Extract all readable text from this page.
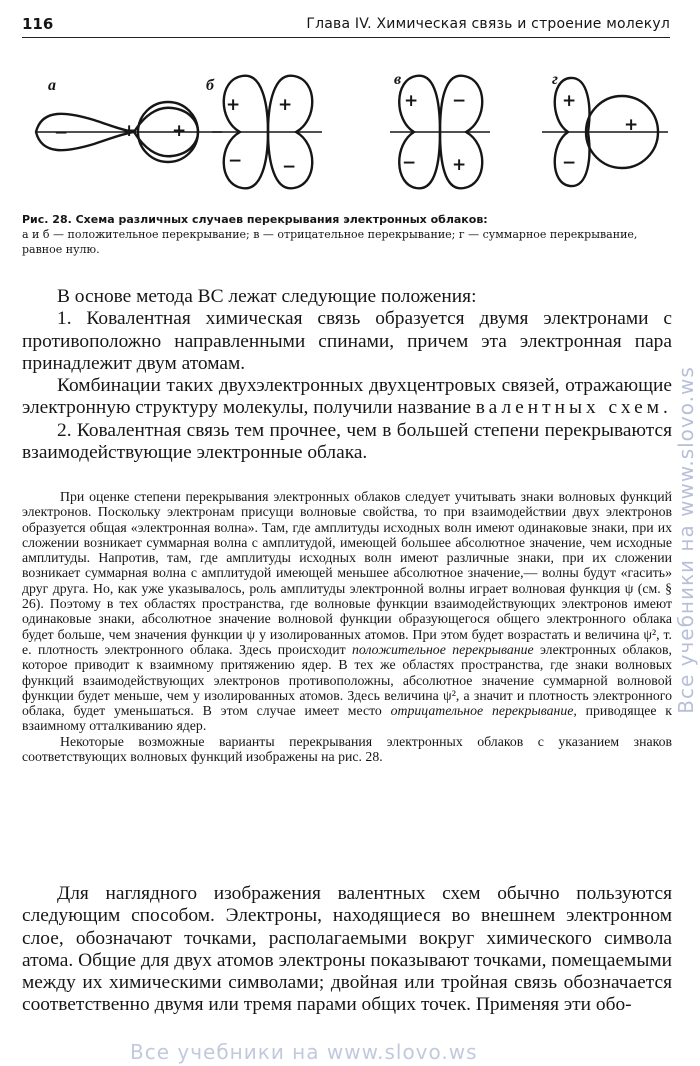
116	Глава IV. Химическая связь и строение молекул
а	б	в	г
−	+ +
+ +
− −
+ −
− +
+
+
−
Рис. 28. Схема различных случаев перекрывания электронных облаков:
а и б — положительное перекрывание; в — отрицательное перекрывание; г — суммарное перекрывание, равное нулю.

В основе метода ВС лежат следующие положения:

1. Ковалентная химическая связь образуется двумя электронами с противоположно направленными спинами, причем эта электронная пара принадлежит двум атомам.

Комбинации таких двухэлектронных двухцентровых связей, отражающие электронную структуру молекулы, получили название валентных схем.

2. Ковалентная связь тем прочнее, чем в большей степени перекрываются взаимодействующие электронные облака.

При оценке степени перекрывания электронных облаков следует учитывать знаки волновых функций электронов. Поскольку электронам присущи волновые свойства, то при взаимодействии двух электронов образуется общая «электронная волна». Там, где амплитуды исходных волн имеют одинаковые знаки, при их сложении возникает суммарная волна с амплитудой, имеющей большее абсолютное значение, чем исходные амплитуды. Напротив, там, где амплитуды исходных волн имеют различные знаки, при их сложении возникает суммарная волна с амплитудой имеющей меньшее абсолютное значение,— волны будут «гасить» друг друга. Но, как уже указывалось, роль амплитуды электронной волны играет волновая функция ψ (см. § 26). Поэтому в тех областях пространства, где волновые функции взаимодействующих электронов имеют одинаковые знаки, абсолютное значение волновой функции образующегося общего электронного облака будет больше, чем значения функции ψ у изолированных атомов. При этом будет возрастать и величина ψ², т. е. плотность электронного облака. Здесь происходит положительное перекрывание электронных облаков, которое приводит к взаимному притяжению ядер. В тех же областях пространства, где знаки волновых функций взаимодействующих электронов противоположны, абсолютное значение суммарной волновой функции будет меньше, чем у изолированных атомов. Здесь величина ψ², а значит и плотность электронного облака, будет уменьшаться. В этом случае имеет место отрицательное перекрывание, приводящее к взаимному отталкиванию ядер.

Некоторые возможные варианты перекрывания электронных облаков с указанием знаков соответствующих волновых функций изображены на рис. 28.

Для наглядного изображения валентных схем обычно пользуются следующим способом. Электроны, находящиеся во внешнем электронном слое, обозначают точками, располагаемыми вокруг химического символа атома. Общие для двух атомов электроны показывают точками, помещаемыми между их химическими символами; двойная или тройная связь обозначается соответственно двумя или тремя парами общих точек. Применяя эти обо-

Все учебники на www.slovo.ws
Все учебники на www.slovo.ws
